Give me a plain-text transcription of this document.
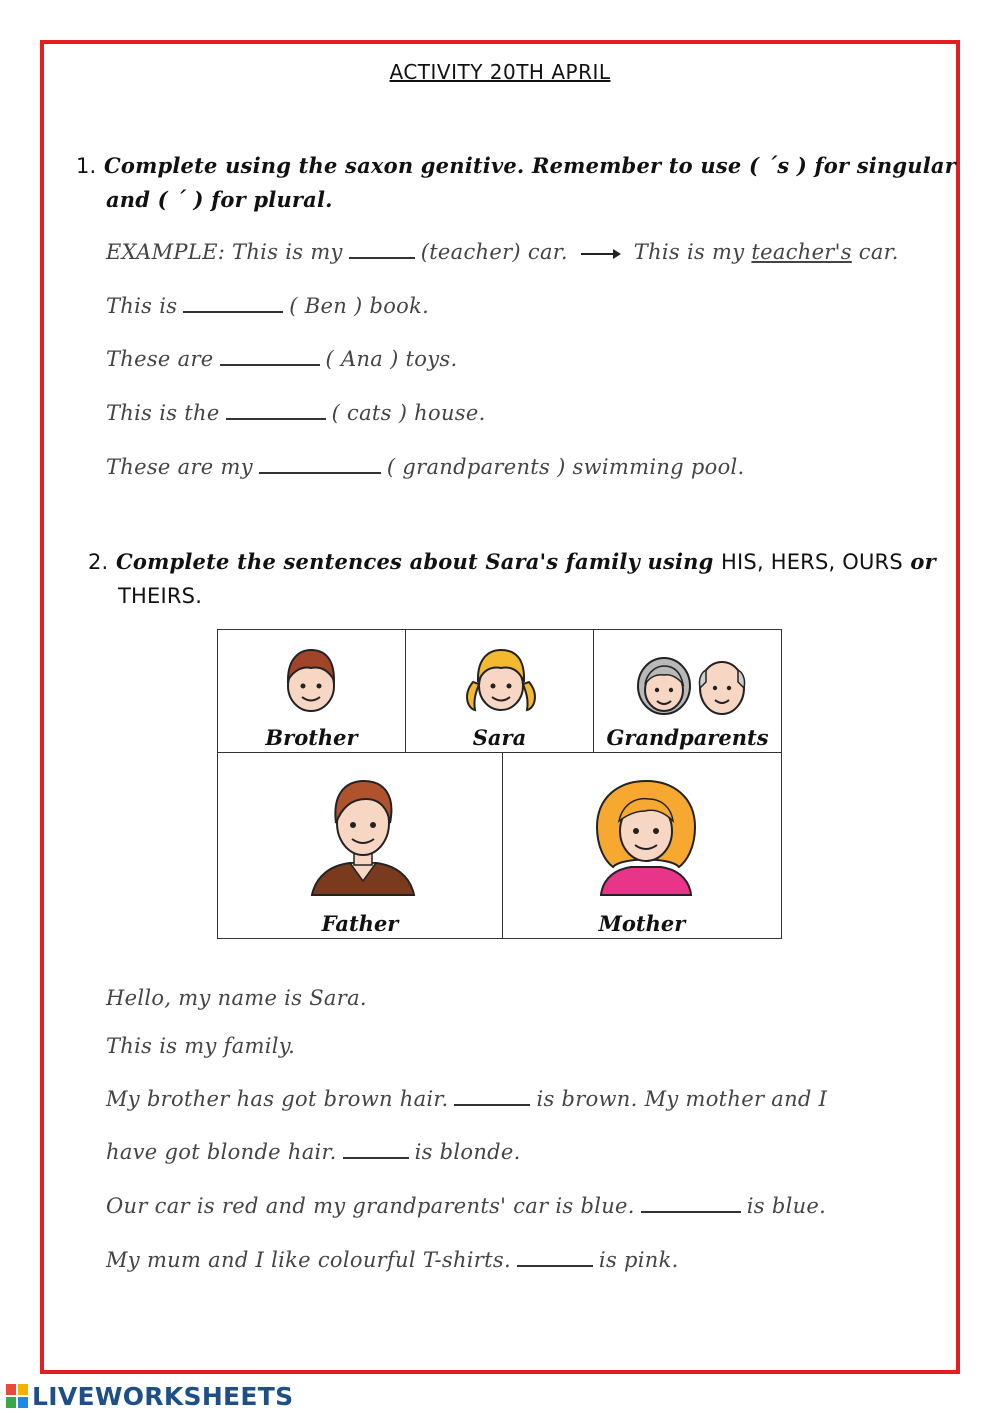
ACTIVITY 20TH APRIL
1. Complete using the saxon genitive. Remember to use ( ´s ) for singular
and ( ´ ) for plural.
EXAMPLE: This is my	(teacher) car.	This is my teacher's car.
This is	( Ben ) book.
These are	( Ana ) toys.
This is the	( cats ) house.
These are my	( grandparents ) swimming pool.
2. Complete the sentences about Sara's family using HIS, HERS, OURS or
THEIRS.
Brother	Sara	Grandparents
Father	Mother
Hello, my name is Sara.
This is my family.
My brother has got brown hair.	is brown. My mother and I
have got blonde hair.	is blonde.
Our car is red and my grandparents' car is blue.	is blue.
My mum and I like colourful T-shirts.	is pink.
LIVEWORKSHEETS
